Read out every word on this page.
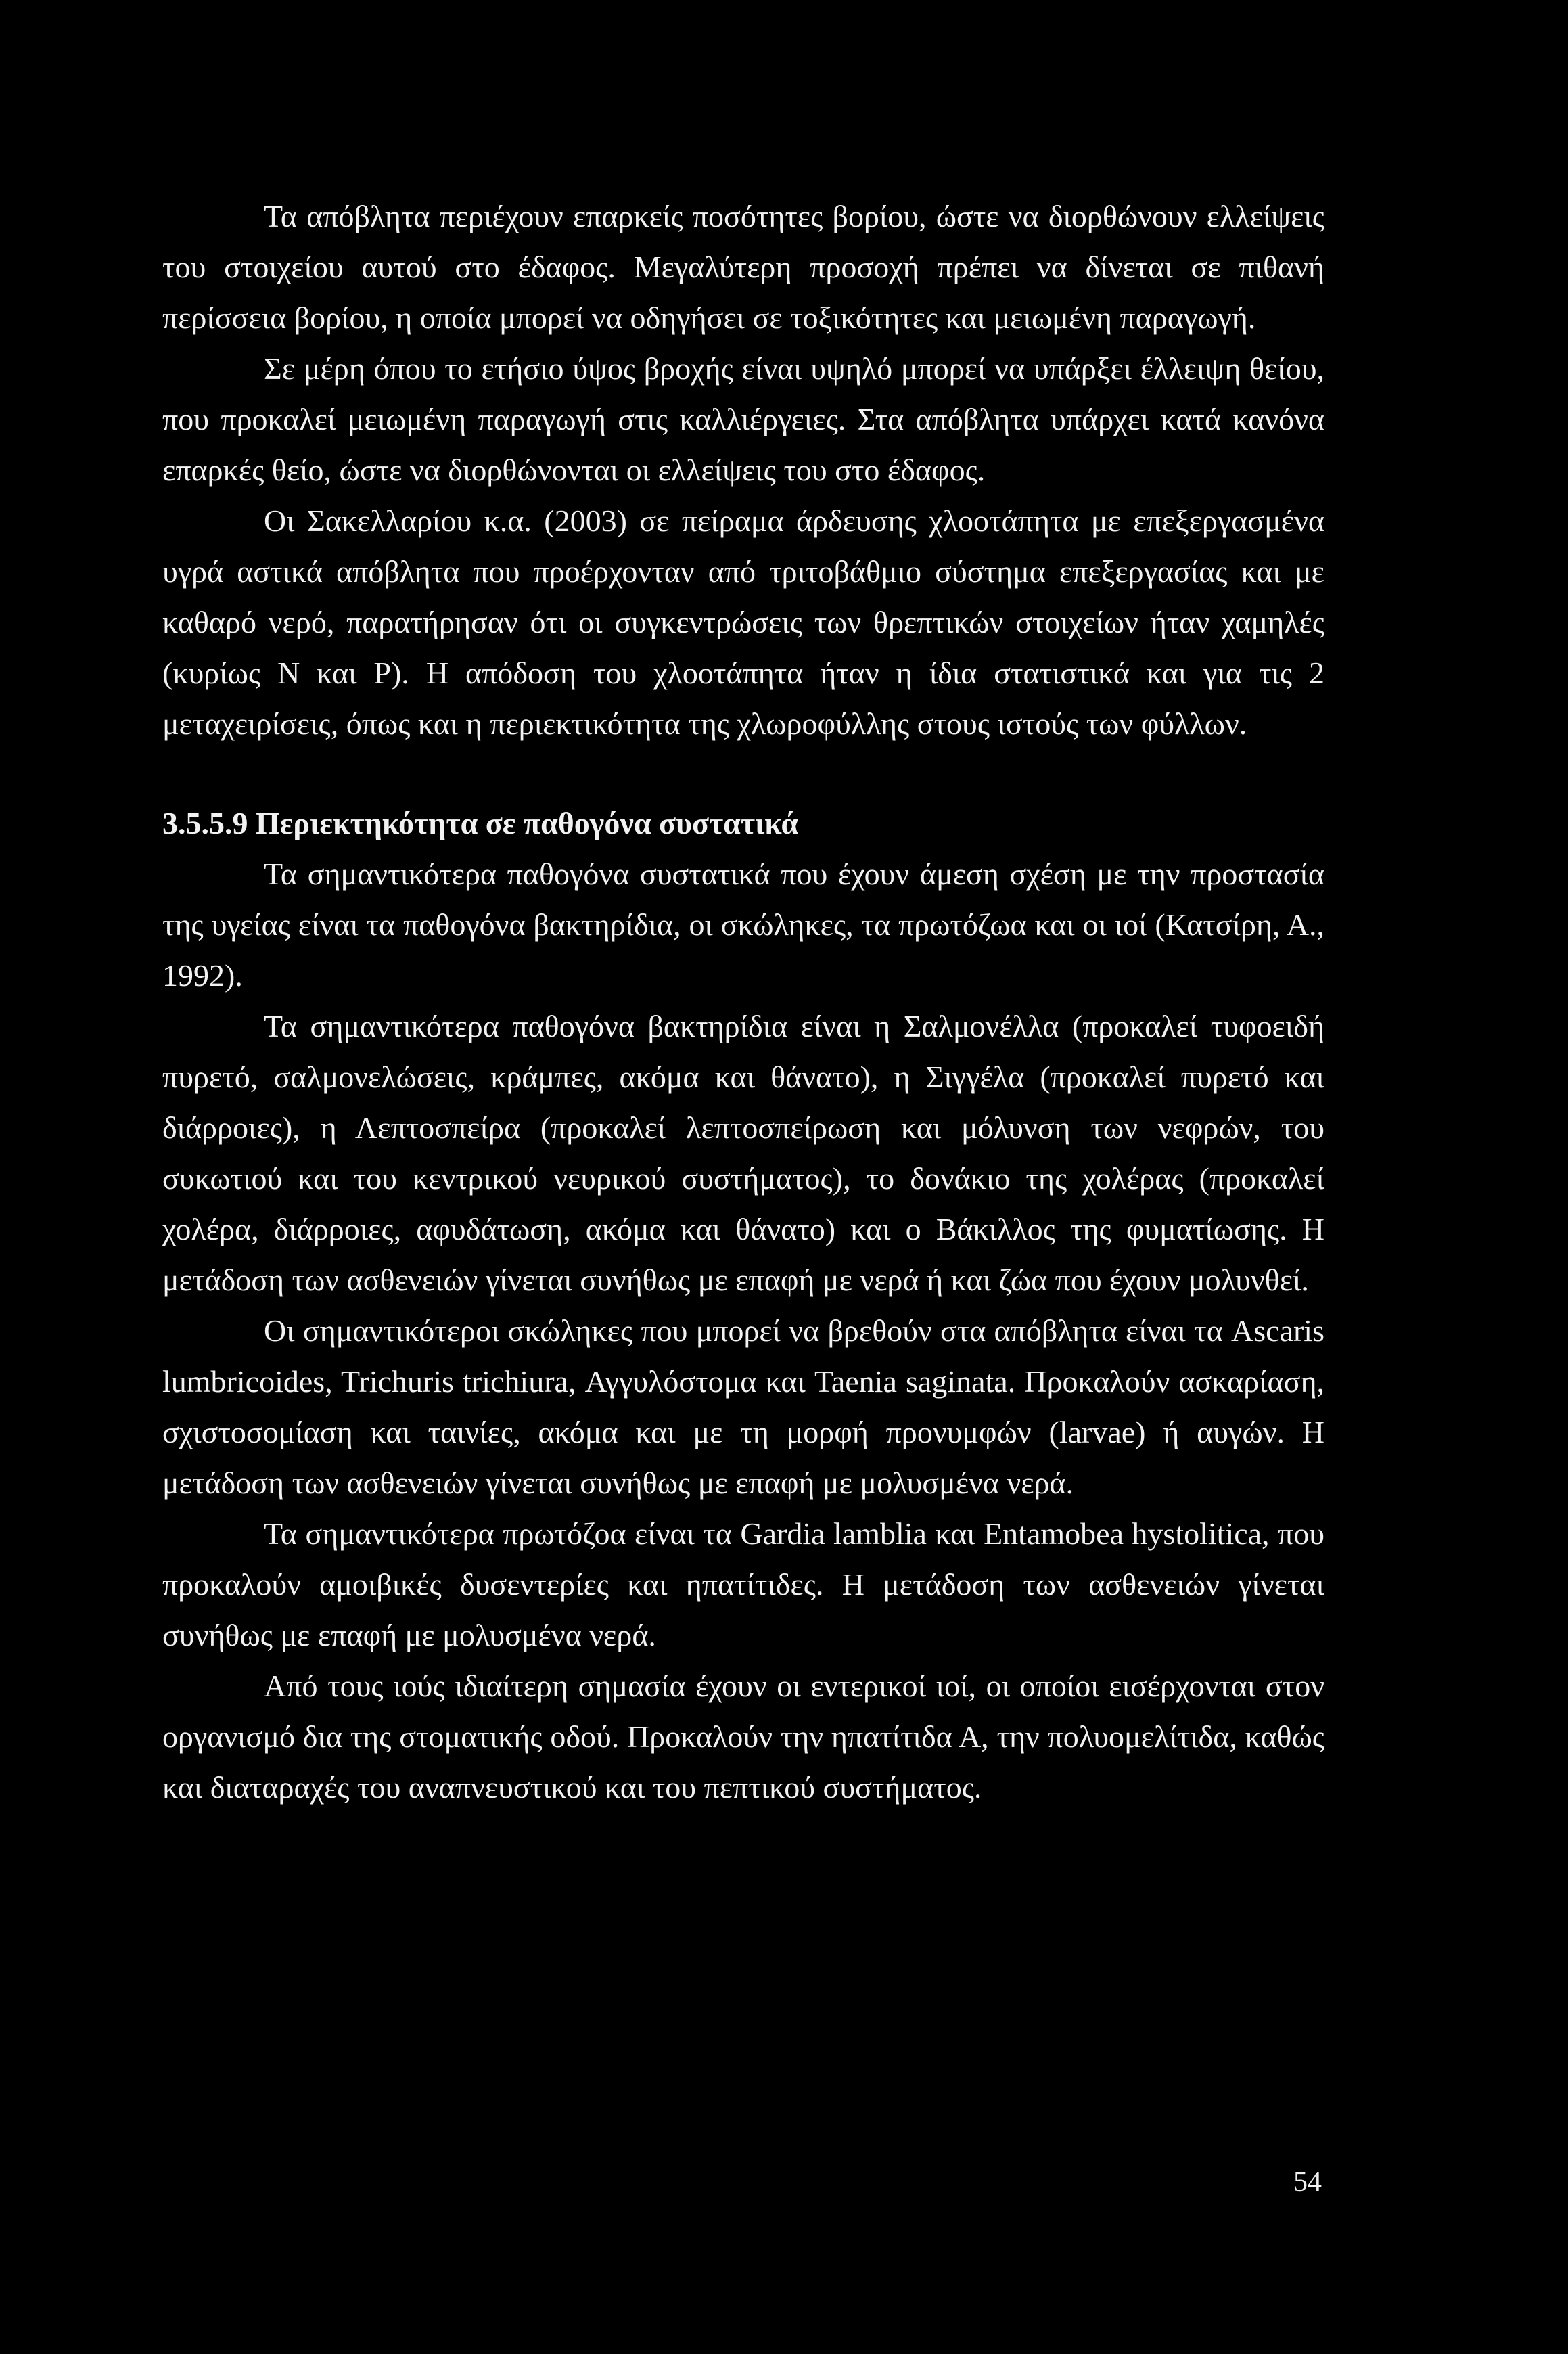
Τα απόβλητα περιέχουν επαρκείς ποσότητες βορίου, ώστε να διορθώνουν ελλείψεις του στοιχείου αυτού στο έδαφος. Μεγαλύτερη προσοχή πρέπει να δίνεται σε πιθανή περίσσεια βορίου, η οποία μπορεί να οδηγήσει σε τοξικότητες και μειωμένη παραγωγή.

Σε μέρη όπου το ετήσιο ύψος βροχής είναι υψηλό μπορεί να υπάρξει έλλειψη θείου, που προκαλεί μειωμένη παραγωγή στις καλλιέργειες. Στα απόβλητα υπάρχει κατά κανόνα επαρκές θείο, ώστε να διορθώνονται οι ελλείψεις του στο έδαφος.

Οι Σακελλαρίου κ.α. (2003) σε πείραμα άρδευσης χλοοτάπητα με επεξεργασμένα υγρά αστικά απόβλητα που προέρχονταν από τριτοβάθμιο σύστημα επεξεργασίας και με καθαρό νερό, παρατήρησαν ότι οι συγκεντρώσεις των θρεπτικών στοιχείων ήταν χαμηλές (κυρίως Ν και Ρ). Η απόδοση του χλοοτάπητα ήταν η ίδια στατιστικά και για τις 2 μεταχειρίσεις, όπως και η περιεκτικότητα της χλωροφύλλης στους ιστούς των φύλλων.

3.5.5.9 Περιεκτηκότητα σε παθογόνα συστατικά

Τα σημαντικότερα παθογόνα συστατικά που έχουν άμεση σχέση με την προστασία της υγείας είναι τα παθογόνα βακτηρίδια, οι σκώληκες, τα πρωτόζωα και οι ιοί (Κατσίρη, Α., 1992).

Τα σημαντικότερα παθογόνα βακτηρίδια είναι η Σαλμονέλλα (προκαλεί τυφοειδή πυρετό, σαλμονελώσεις, κράμπες, ακόμα και θάνατο), η Σιγγέλα (προκαλεί πυρετό και διάρροιες), η Λεπτοσπείρα (προκαλεί λεπτοσπείρωση και μόλυνση των νεφρών, του συκωτιού και του κεντρικού νευρικού συστήματος), το δονάκιο της χολέρας (προκαλεί χολέρα, διάρροιες, αφυδάτωση, ακόμα και θάνατο) και ο Βάκιλλος της φυματίωσης. Η μετάδοση των ασθενειών γίνεται συνήθως με επαφή με νερά ή και ζώα που έχουν μολυνθεί.

Οι σημαντικότεροι σκώληκες που μπορεί να βρεθούν στα απόβλητα είναι τα Ascaris lumbricoides, Trichuris trichiura, Αγγυλόστομα και Taenia saginata. Προκαλούν ασκαρίαση, σχιστοσομίαση και ταινίες, ακόμα και με τη μορφή προνυμφών (larvae) ή αυγών. Η μετάδοση των ασθενειών γίνεται συνήθως με επαφή με μολυσμένα νερά.

Τα σημαντικότερα πρωτόζοα είναι τα Gardia lamblia και Entamobea hystolitica, που προκαλούν αμοιβικές δυσεντερίες και ηπατίτιδες. Η μετάδοση των ασθενειών γίνεται συνήθως με επαφή με μολυσμένα νερά.

Από τους ιούς ιδιαίτερη σημασία έχουν οι εντερικοί ιοί, οι οποίοι εισέρχονται στον οργανισμό δια της στοματικής οδού. Προκαλούν την ηπατίτιδα Α, την πολυομελίτιδα, καθώς και διαταραχές του αναπνευστικού και του πεπτικού συστήματος.

54
